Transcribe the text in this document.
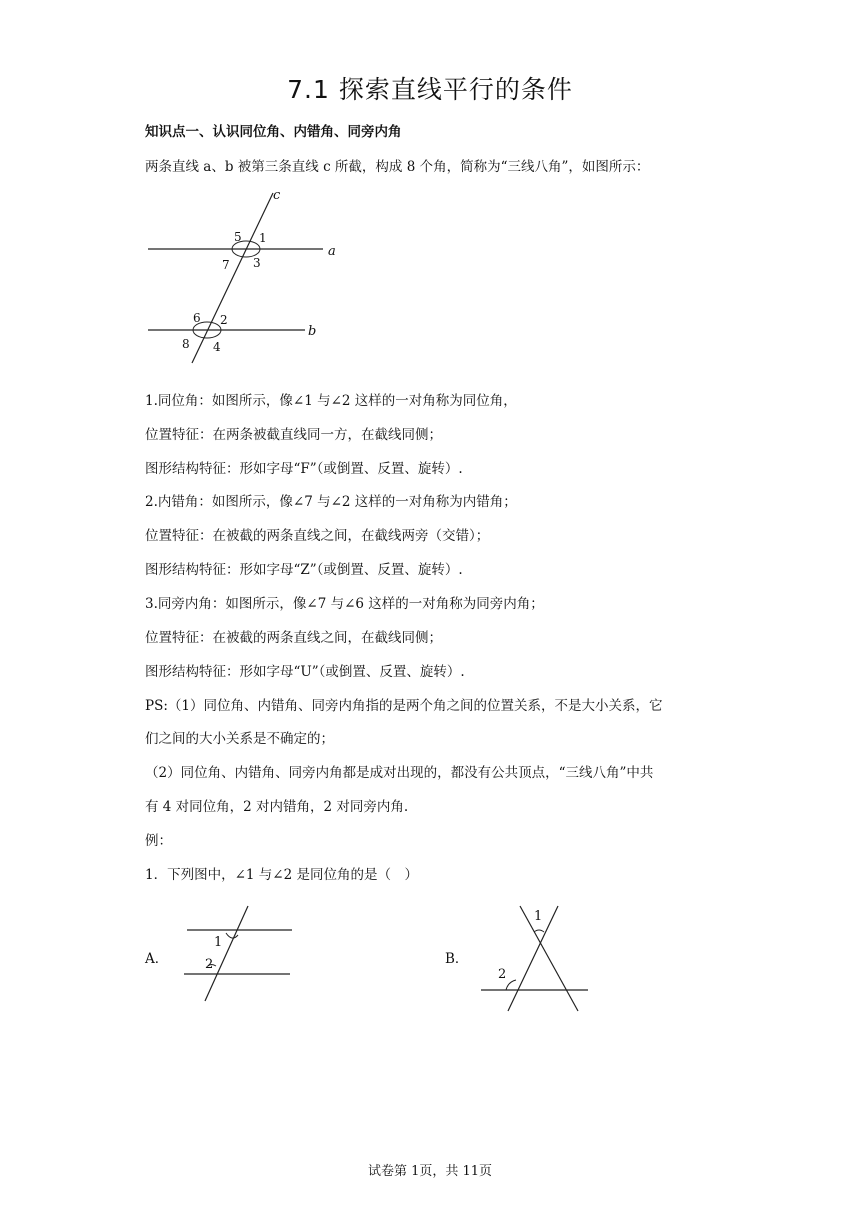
7.1 探索直线平行的条件
知识点一、认识同位角、内错角、同旁内角
两条直线 a、b 被第三条直线 c 所截，构成 8 个角，简称为“三线八角”，如图所示：
a
b
c
5 1
7 3
6 2
8 4
1.同位角：如图所示，像∠1 与∠2 这样的一对角称为同位角，
位置特征：在两条被截直线同一方，在截线同侧；
图形结构特征：形如字母“F”（或倒置、反置、旋转）.
2.内错角：如图所示，像∠7 与∠2 这样的一对角称为内错角；
位置特征：在被截的两条直线之间，在截线两旁（交错）；
图形结构特征：形如字母“Z”（或倒置、反置、旋转）.
3.同旁内角：如图所示，像∠7 与∠6 这样的一对角称为同旁内角；
位置特征：在被截的两条直线之间，在截线同侧；
图形结构特征：形如字母“U”（或倒置、反置、旋转）.
PS:（1）同位角、内错角、同旁内角指的是两个角之间的位置关系，不是大小关系，它
们之间的大小关系是不确定的；
（2）同位角、内错角、同旁内角都是成对出现的，都没有公共顶点，“三线八角”中共
有 4 对同位角，2 对内错角，2 对同旁内角.
例：
1．下列图中，∠1 与∠2 是同位角的是（　）
A．
1
2	B．
1
2
试卷第 1页，共 11页
